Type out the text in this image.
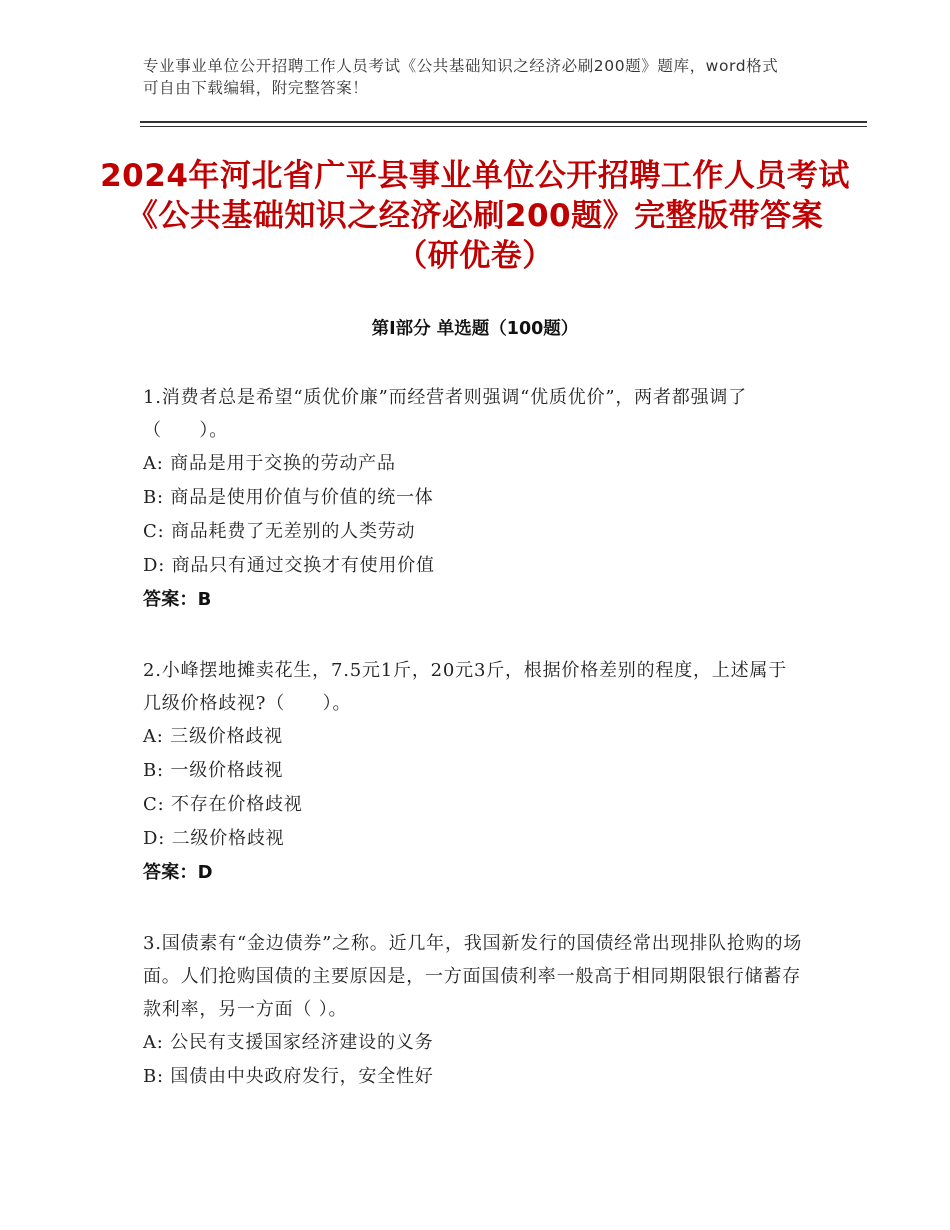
专业事业单位公开招聘工作人员考试《公共基础知识之经济必刷200题》题库，word格式可自由下载编辑，附完整答案！
2024年河北省广平县事业单位公开招聘工作人员考试《公共基础知识之经济必刷200题》完整版带答案（研优卷）
第Ⅰ部分 单选题（100题）

1.消费者总是希望“质优价廉”而经营者则强调“优质优价”，两者都强调了（　　）。

A: 商品是用于交换的劳动产品

B: 商品是使用价值与价值的统一体

C: 商品耗费了无差别的人类劳动

D: 商品只有通过交换才有使用价值

答案：B

2.小峰摆地摊卖花生，7.5元1斤，20元3斤，根据价格差别的程度，上述属于几级价格歧视?（　　）。

A: 三级价格歧视

B: 一级价格歧视

C: 不存在价格歧视

D: 二级价格歧视

答案：D

3.国债素有“金边债券”之称。近几年，我国新发行的国债经常出现排队抢购的场面。人们抢购国债的主要原因是，一方面国债利率一般高于相同期限银行储蓄存款利率，另一方面（ ）。

A: 公民有支援国家经济建设的义务

B: 国债由中央政府发行，安全性好
